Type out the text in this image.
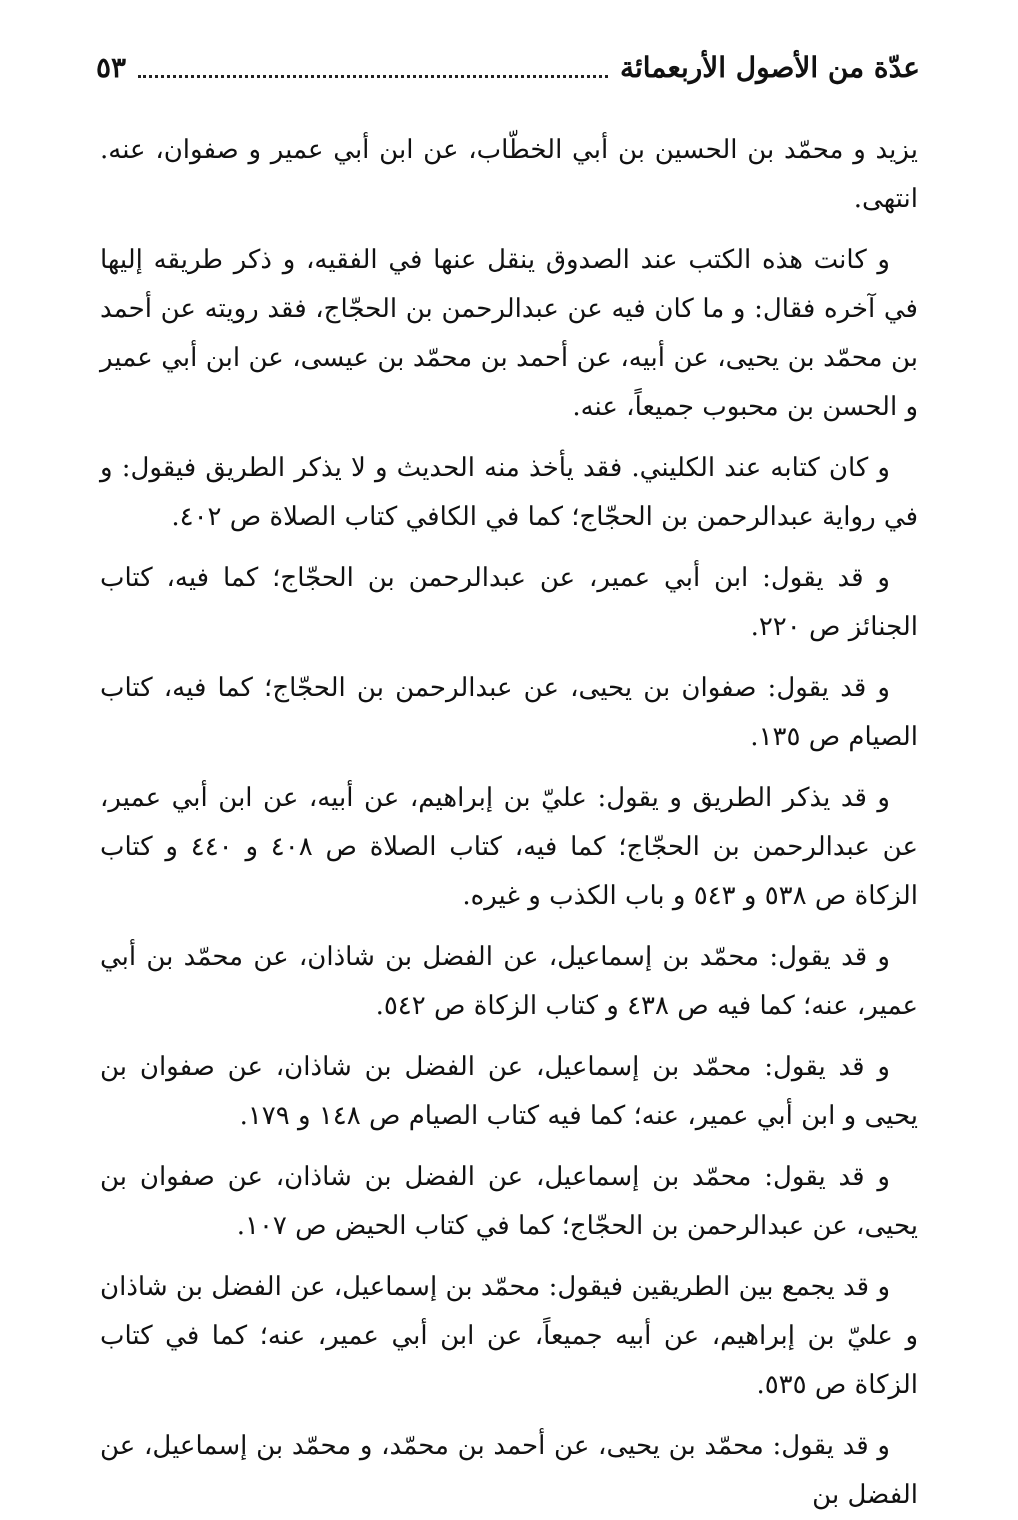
عدّة من الأصول الأربعمائة
٥٣

يزيد و محمّد بن الحسين بن أبي الخطّاب، عن ابن أبي عمير و صفوان، عنه. انتهى.

و كانت هذه الكتب عند الصدوق ينقل عنها في الفقيه، و ذكر طريقه إليها في آخره فقال: و ما كان فيه عن عبدالرحمن بن الحجّاج، فقد رويته عن أحمد بن محمّد بن يحيى، عن أبيه، عن أحمد بن محمّد بن عيسى، عن ابن أبي عمير و الحسن بن محبوب جميعاً، عنه.

و كان كتابه عند الكليني. فقد يأخذ منه الحديث و لا يذكر الطريق فيقول: و في رواية عبدالرحمن بن الحجّاج؛ كما في الكافي كتاب الصلاة ص ٤٠٢.

و قد يقول: ابن أبي عمير، عن عبدالرحمن بن الحجّاج؛ كما فيه، كتاب الجنائز ص ٢٢٠.

و قد يقول: صفوان بن يحيى، عن عبدالرحمن بن الحجّاج؛ كما فيه، كتاب الصيام ص ١٣٥.

و قد يذكر الطريق و يقول: عليّ بن إبراهيم، عن أبيه، عن ابن أبي عمير، عن عبدالرحمن بن الحجّاج؛ كما فيه، كتاب الصلاة ص ٤٠٨ و ٤٤٠ و كتاب الزكاة ص ٥٣٨ و ٥٤٣ و باب الكذب و غيره.

و قد يقول: محمّد بن إسماعيل، عن الفضل بن شاذان، عن محمّد بن أبي عمير، عنه؛ كما فيه ص ٤٣٨ و كتاب الزكاة ص ٥٤٢.

و قد يقول: محمّد بن إسماعيل، عن الفضل بن شاذان، عن صفوان بن يحيى و ابن أبي عمير، عنه؛ كما فيه كتاب الصيام ص ١٤٨ و ١٧٩.

و قد يقول: محمّد بن إسماعيل، عن الفضل بن شاذان، عن صفوان بن يحيى، عن عبدالرحمن بن الحجّاج؛ كما في كتاب الحيض ص ١٠٧.

و قد يجمع بين الطريقين فيقول: محمّد بن إسماعيل، عن الفضل بن شاذان و عليّ بن إبراهيم، عن أبيه جميعاً، عن ابن أبي عمير، عنه؛ كما في كتاب الزكاة ص ٥٣٥.

و قد يقول: محمّد بن يحيى، عن أحمد بن محمّد، و محمّد بن إسماعيل، عن الفضل بن
